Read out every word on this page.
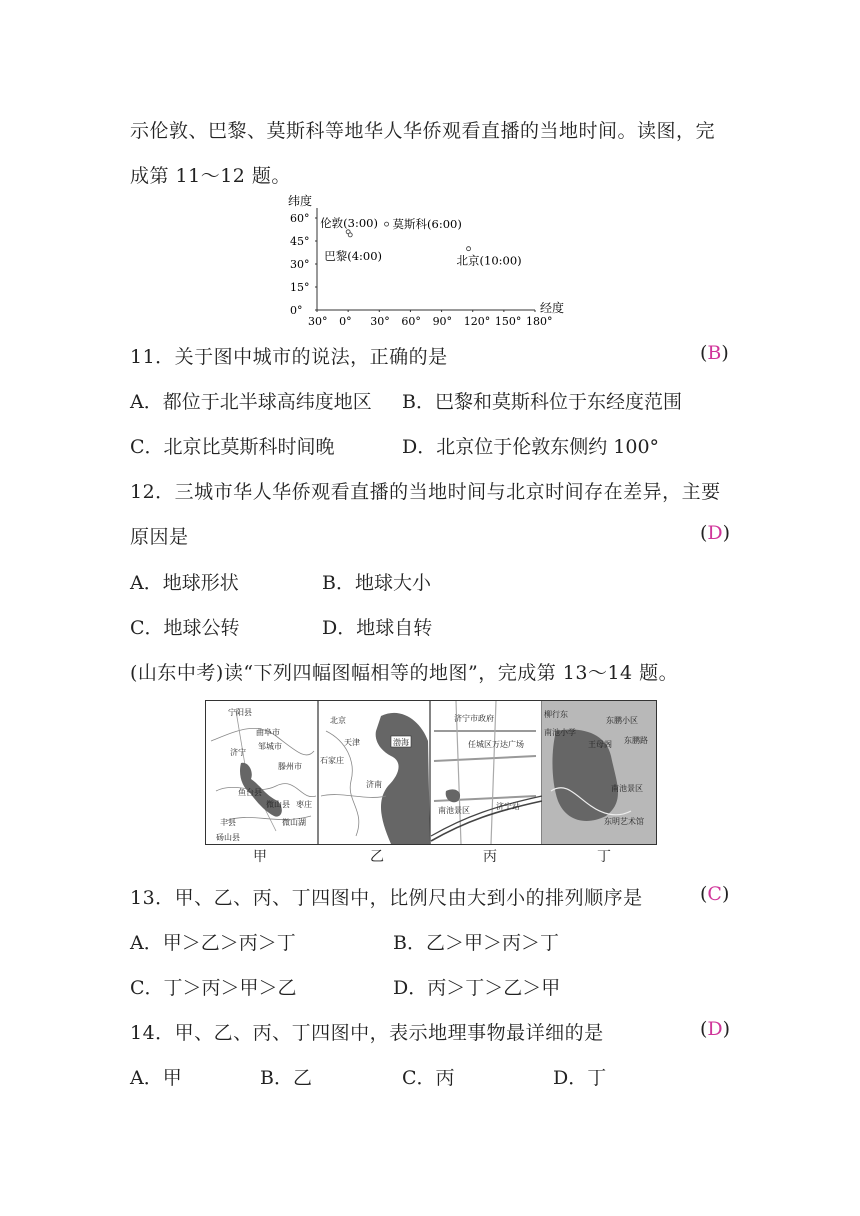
示伦敦、巴黎、莫斯科等地华人华侨观看直播的当地时间。读图，完
成第 11～12 题。
纬度
经度
60°
45°
30°
15°
0°
30° 0° 30° 60° 90° 120° 150° 180°
伦敦(3:00)
巴黎(4:00)
莫斯科(6:00)
北京(10:00)
11．关于图中城市的说法，正确的是	(B)
A．都位于北半球高纬度地区 B．巴黎和莫斯科位于东经度范围
C．北京比莫斯科时间晚	D．北京位于伦敦东侧约 100°
12．三城市华人华侨观看直播的当地时间与北京时间存在差异，主要
原因是	(D)
A．地球形状	B．地球大小
C．地球公转	D．地球自转
(山东中考)读“下列四幅图幅相等的地图”，完成第 13～14 题。
宁阳县
曲阜市
邹城市
济宁
滕州市
鱼台县
微山县 枣庄
丰县	微山湖
砀山县
北京
天津	渤海
石家庄
济南
济宁市政府
任城区万达广场
南池景区	济宁站
柳行东
东鹏小区
南池小学
王母阁 东鹏路
南池景区
东明艺术馆
甲	乙	丙	丁
13．甲、乙、丙、丁四图中，比例尺由大到小的排列顺序是	(C)
A．甲＞乙＞丙＞丁	B．乙＞甲＞丙＞丁
C．丁＞丙＞甲＞乙	D．丙＞丁＞乙＞甲
14．甲、乙、丙、丁四图中，表示地理事物最详细的是	(D)
A．甲	B．乙	C．丙	D．丁
